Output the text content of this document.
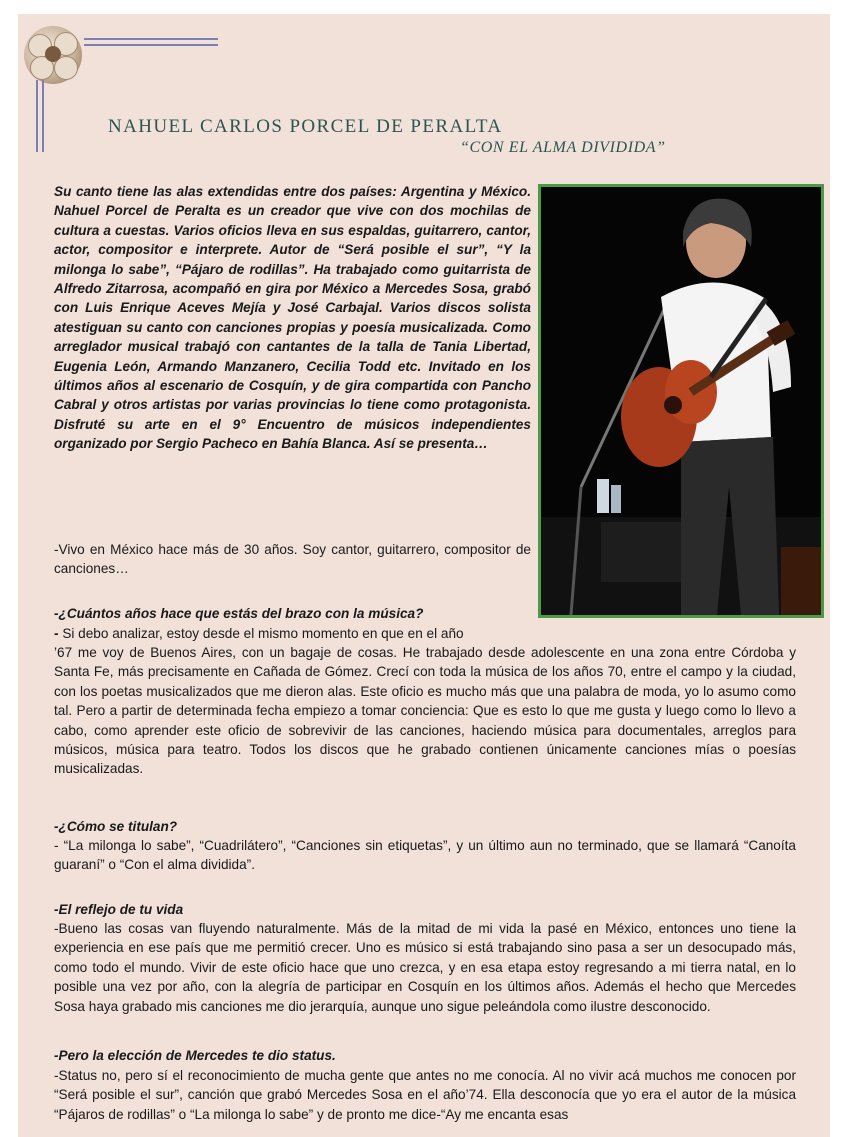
NAHUEL CARLOS PORCEL DE PERALTA
“CON EL ALMA DIVIDIDA”
Su canto tiene las alas extendidas entre dos países: Argentina y México. Nahuel Porcel de Peralta es un creador que vive con dos mochilas de cultura a cuestas. Varios oficios lleva en sus espaldas, guitarrero, cantor, actor, compositor e interprete. Autor de “Será posible el sur”, “Y la milonga lo sabe”, “Pájaro de rodillas”. Ha trabajado como guitarrista de Alfredo Zitarrosa, acompañó en gira por México a Mercedes Sosa, grabó con Luis Enrique Aceves Mejía y José Carbajal. Varios discos solista atestiguan su canto con canciones propias y poesía musicalizada. Como arreglador musical trabajó con cantantes de la talla de Tania Libertad, Eugenia León, Armando Manzanero, Cecilia Todd etc. Invitado en los últimos años al escenario de Cosquín, y de gira compartida con Pancho Cabral y otros artistas por varias provincias lo tiene como protagonista. Disfruté su arte en el 9° Encuentro de músicos independientes organizado por Sergio Pacheco en Bahía Blanca. Así se presenta…
-Vivo en México hace más de 30 años. Soy cantor, guitarrero, compositor de canciones…
-¿Cuántos años hace que estás del brazo con la música?
- Si debo analizar, estoy desde el mismo momento en que en el año
’67 me voy de Buenos Aires, con un bagaje de cosas. He trabajado desde adolescente en una zona entre Córdoba y Santa Fe, más precisamente en Cañada de Gómez. Crecí con toda la música de los años 70, entre el campo y la ciudad, con los poetas musicalizados que me dieron alas. Este oficio es mucho más que una palabra de moda, yo lo asumo como tal. Pero a partir de determinada fecha empiezo a tomar conciencia: Que es esto lo que me gusta y luego como lo llevo a cabo, como aprender este oficio de sobrevivir de las canciones, haciendo música para documentales, arreglos para músicos, música para teatro. Todos los discos que he grabado contienen únicamente canciones mías o poesías musicalizadas.
-¿Cómo se titulan?
- “La milonga lo sabe”, “Cuadrilátero”, “Canciones sin etiquetas”, y un último aun no terminado, que se llamará “Canoíta guaraní” o “Con el alma dividida”.
-El reflejo de tu vida
-Bueno las cosas van fluyendo naturalmente. Más de la mitad de mi vida la pasé en México, entonces uno tiene la experiencia en ese país que me permitió crecer. Uno es músico si está trabajando sino pasa a ser un desocupado más, como todo el mundo. Vivir de este oficio hace que uno crezca, y en esa etapa estoy regresando a mi tierra natal, en lo posible una vez por año, con la alegría de participar en Cosquín en los últimos años. Además el hecho que Mercedes Sosa haya grabado mis canciones me dio jerarquía, aunque uno sigue peleándola como ilustre desconocido.
-Pero la elección de Mercedes te dio status.
-Status no, pero sí el reconocimiento de mucha gente que antes no me conocía. Al no vivir acá muchos me conocen por “Será posible el sur”, canción que grabó Mercedes Sosa en el año’74. Ella desconocía que yo era el autor de la música “Pájaros de rodillas” o “La milonga lo sabe” y de pronto me dice-“Ay me encanta esas
